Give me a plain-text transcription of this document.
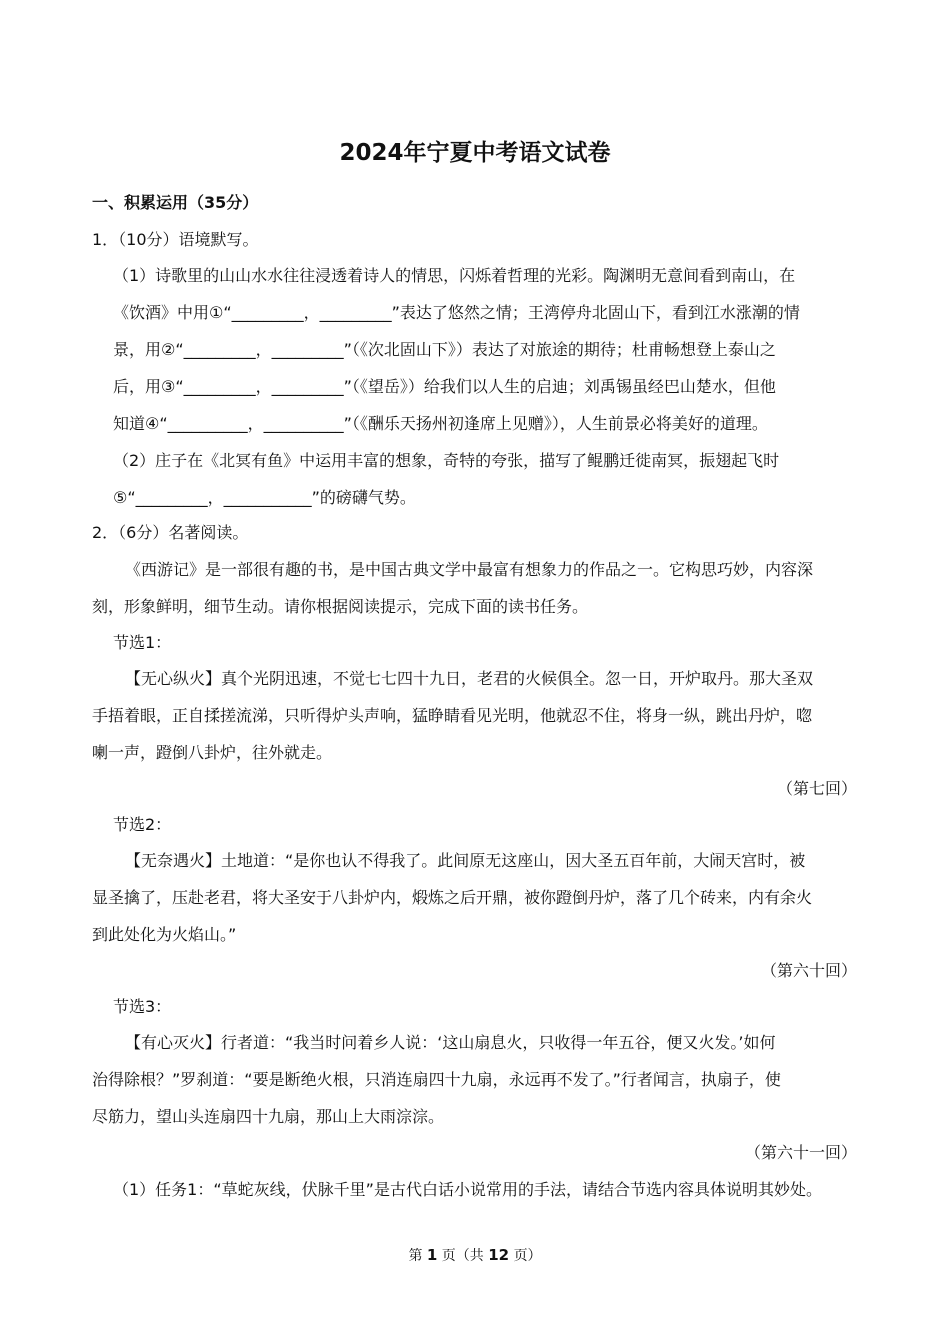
2024年宁夏中考语文试卷
一、积累运用（35分）
1．（10分）语境默写。
（1）诗歌里的山山水水往往浸透着诗人的情思，闪烁着哲理的光彩。陶渊明无意间看到南山，在
《饮酒》中用①“_________，_________”表达了悠然之情；王湾停舟北固山下，看到江水涨潮的情
景，用②“_________，_________”（《次北固山下》）表达了对旅途的期待；杜甫畅想登上泰山之
后，用③“_________，_________”（《望岳》）给我们以人生的启迪；刘禹锡虽经巴山楚水，但他
知道④“__________，__________”（《酬乐天扬州初逢席上见赠》），人生前景必将美好的道理。
（2）庄子在《北冥有鱼》中运用丰富的想象，奇特的夸张，描写了鲲鹏迁徙南冥，振翅起飞时
⑤“_________，___________”的磅礴气势。
2．（6分）名著阅读。
《西游记》是一部很有趣的书，是中国古典文学中最富有想象力的作品之一。它构思巧妙，内容深
刻，形象鲜明，细节生动。请你根据阅读提示，完成下面的读书任务。
节选1：
【无心纵火】真个光阴迅速，不觉七七四十九日，老君的火候俱全。忽一日，开炉取丹。那大圣双
手捂着眼，正自揉搓流涕，只听得炉头声响，猛睁睛看见光明，他就忍不住，将身一纵，跳出丹炉，唿
喇一声，蹬倒八卦炉，往外就走。
（第七回）
节选2：
【无奈遇火】土地道：“是你也认不得我了。此间原无这座山，因大圣五百年前，大闹天宫时，被
显圣擒了，压赴老君，将大圣安于八卦炉内，煅炼之后开鼎，被你蹬倒丹炉，落了几个砖来，内有余火
到此处化为火焰山。”
（第六十回）
节选3：
【有心灭火】行者道：“我当时问着乡人说：‘这山扇息火，只收得一年五谷，便又火发。’如何
治得除根？”罗刹道：“要是断绝火根，只消连扇四十九扇，永远再不发了。”行者闻言，执扇子，使
尽筋力，望山头连扇四十九扇，那山上大雨淙淙。
（第六十一回）
（1）任务1：“草蛇灰线，伏脉千里”是古代白话小说常用的手法，请结合节选内容具体说明其妙处。
第 1 页（共 12 页）
